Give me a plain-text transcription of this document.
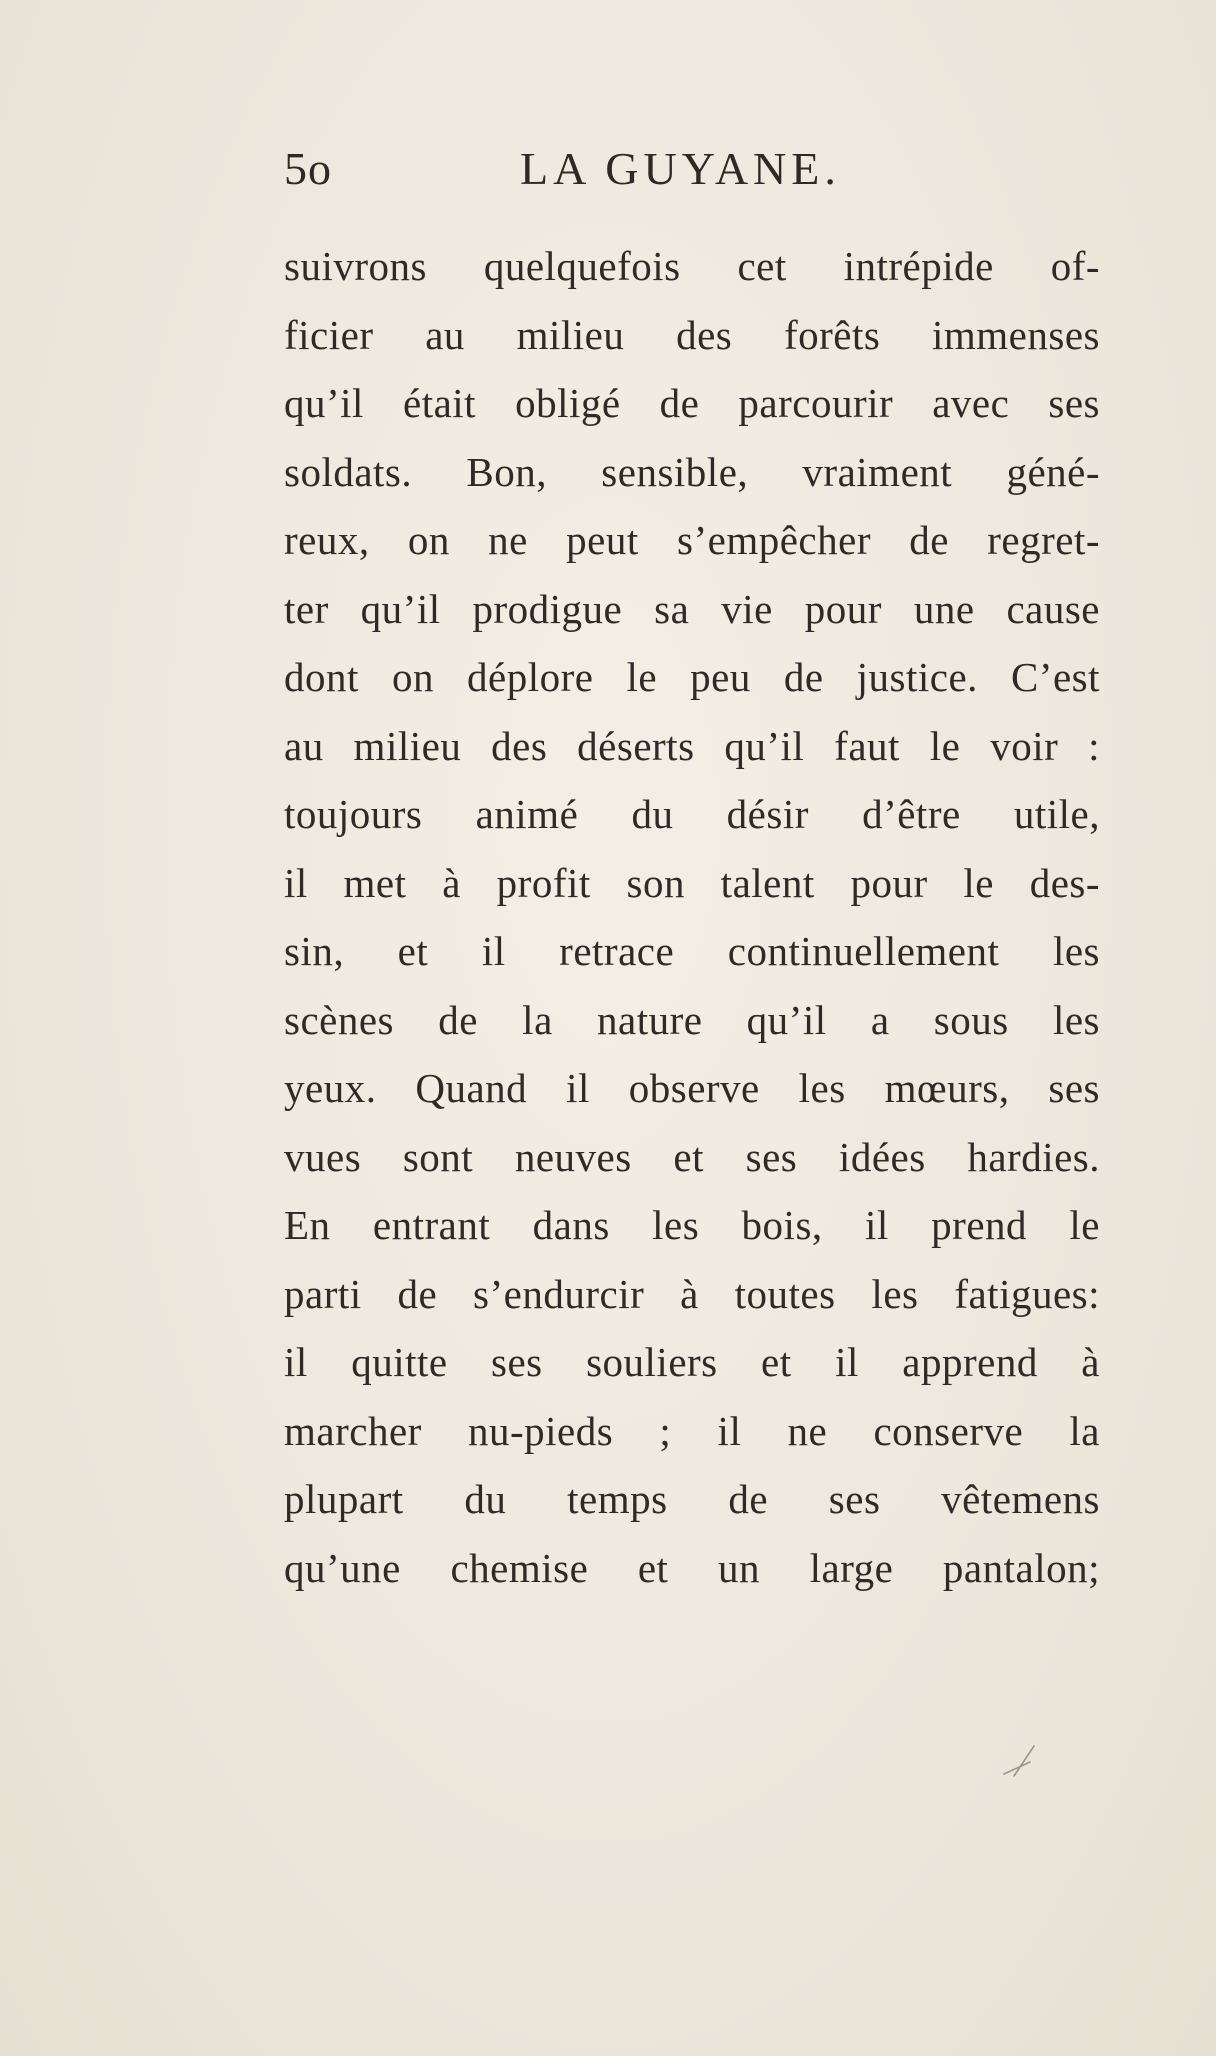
5o	LA GUYANE.
suivrons quelquefois cet intrépide of-
ficier au milieu des forêts immenses
qu’il était obligé de parcourir avec ses
soldats. Bon, sensible, vraiment géné-
reux, on ne peut s’empêcher de regret-
ter qu’il prodigue sa vie pour une cause
dont on déplore le peu de justice. C’est
au milieu des déserts qu’il faut le voir :
toujours animé du désir d’être utile,
il met à profit son talent pour le des-
sin, et il retrace continuellement les
scènes de la nature qu’il a sous les
yeux. Quand il observe les mœurs, ses
vues sont neuves et ses idées hardies.
En entrant dans les bois, il prend le
parti de s’endurcir à toutes les fatigues:
il quitte ses souliers et il apprend à
marcher nu-pieds ; il ne conserve la
plupart du temps de ses vêtemens
qu’une chemise et un large pantalon;
